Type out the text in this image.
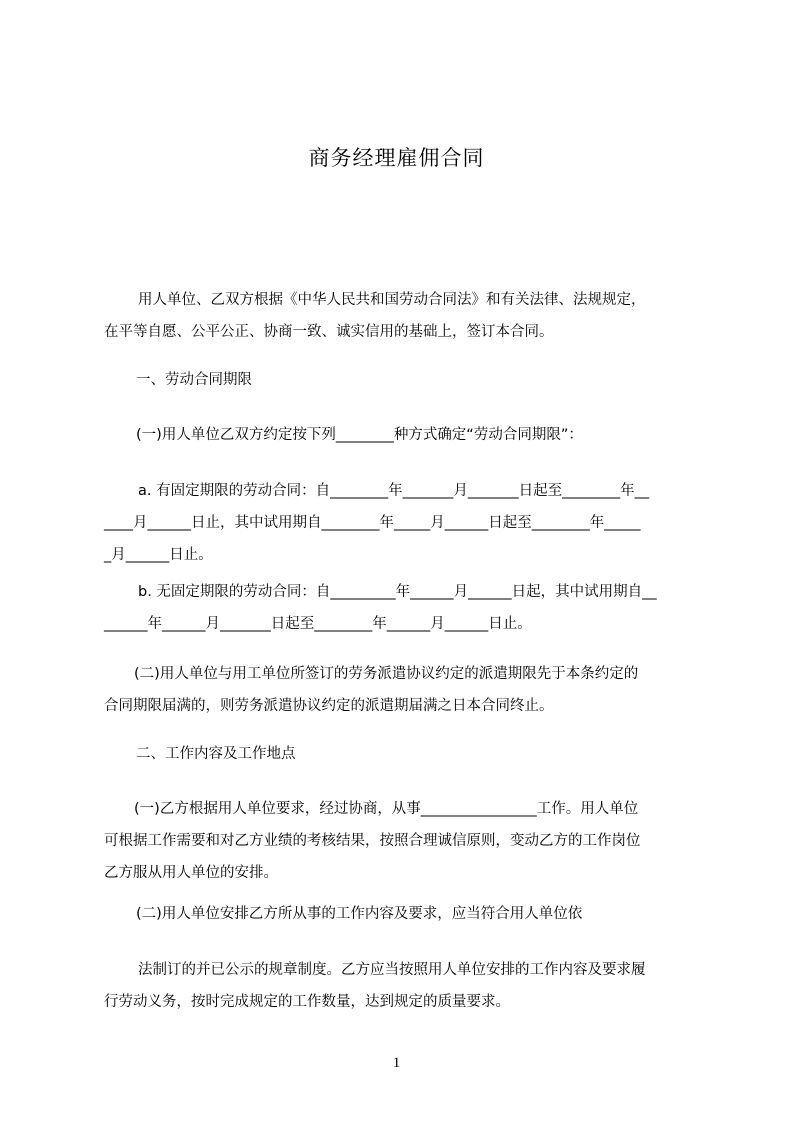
商务经理雇佣合同
用人单位、乙双方根据《中华人民共和国劳动合同法》和有关法律、法规规定，
在平等自愿、公平公正、协商一致、诚实信用的基础上，签订本合同。
一、劳动合同期限
(一)用人单位乙双方约定按下列________种方式确定“劳动合同期限”：
a. 有固定期限的劳动合同：自________年_______月_______日起至________年__
____月______日止，其中试用期自________年_____月______日起至________年_____
_月______日止。
b. 无固定期限的劳动合同：自_________年______月______日起，其中试用期自__
______年______月_______日起至________年______月______日止。
(二)用人单位与用工单位所签订的劳务派遣协议约定的派遣期限先于本条约定的
合同期限届满的，则劳务派遣协议约定的派遣期届满之日本合同终止。
二、工作内容及工作地点
(一)乙方根据用人单位要求，经过协商，从事________________工作。用人单位
可根据工作需要和对乙方业绩的考核结果，按照合理诚信原则，变动乙方的工作岗位
乙方服从用人单位的安排。
(二)用人单位安排乙方所从事的工作内容及要求，应当符合用人单位依
法制订的并已公示的规章制度。乙方应当按照用人单位安排的工作内容及要求履
行劳动义务，按时完成规定的工作数量，达到规定的质量要求。
1
